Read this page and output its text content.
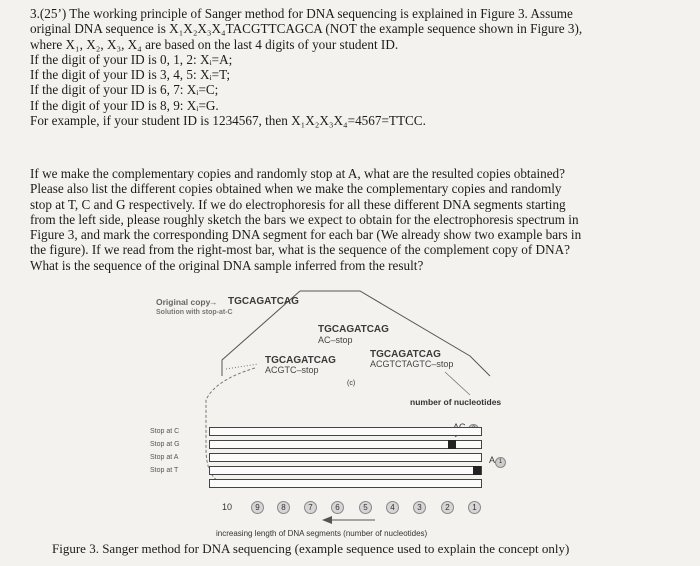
3.(25’) The working principle of Sanger method for DNA sequencing is explained in Figure 3. Assume
original DNA sequence is X₁X₂X₃X₄TACGTTCAGCA (NOT the example sequence shown in Figure 3),
where X₁, X₂, X₃, X₄ are based on the last 4 digits of your student ID.
If the digit of your ID is 0, 1, 2: Xᵢ=A;
If the digit of your ID is 3, 4, 5: Xᵢ=T;
If the digit of your ID is 6, 7: Xᵢ=C;
If the digit of your ID is 8, 9: Xᵢ=G.
For example, if your student ID is 1234567, then X₁X₂X₃X₄=4567=TTCC.
If we make the complementary copies and randomly stop at A, what are the resulted copies obtained?
Please also list the different copies obtained when we make the complementary copies and randomly
stop at T, C and G respectively. If we do electrophoresis for all these different DNA segments starting
from the left side, please roughly sketch the bars we expect to obtain for the electrophoresis spectrum in
Figure 3, and mark the corresponding DNA segment for each bar (We already show two example bars in
the figure). If we read from the right-most bar, what is the sequence of the complement copy of DNA?
What is the sequence of the original DNA sample inferred from the result?
Original copy
→ TGCAGATCAG
Solution with stop-at-C
TGCAGATCAG
AC–stop
TGCAGATCAG
ACGTC–stop
TGCAGATCAG
ACGTCTAGTC–stop
(c)
number of nucleotides
A 1
Stop at C
Stop at G
Stop at A
Stop at T
10	9	8	7	6	5	4	3	2	1
increasing length of DNA segments (number of nucleotides)
Figure 3. Sanger method for DNA sequencing (example sequence used to explain the concept only)
